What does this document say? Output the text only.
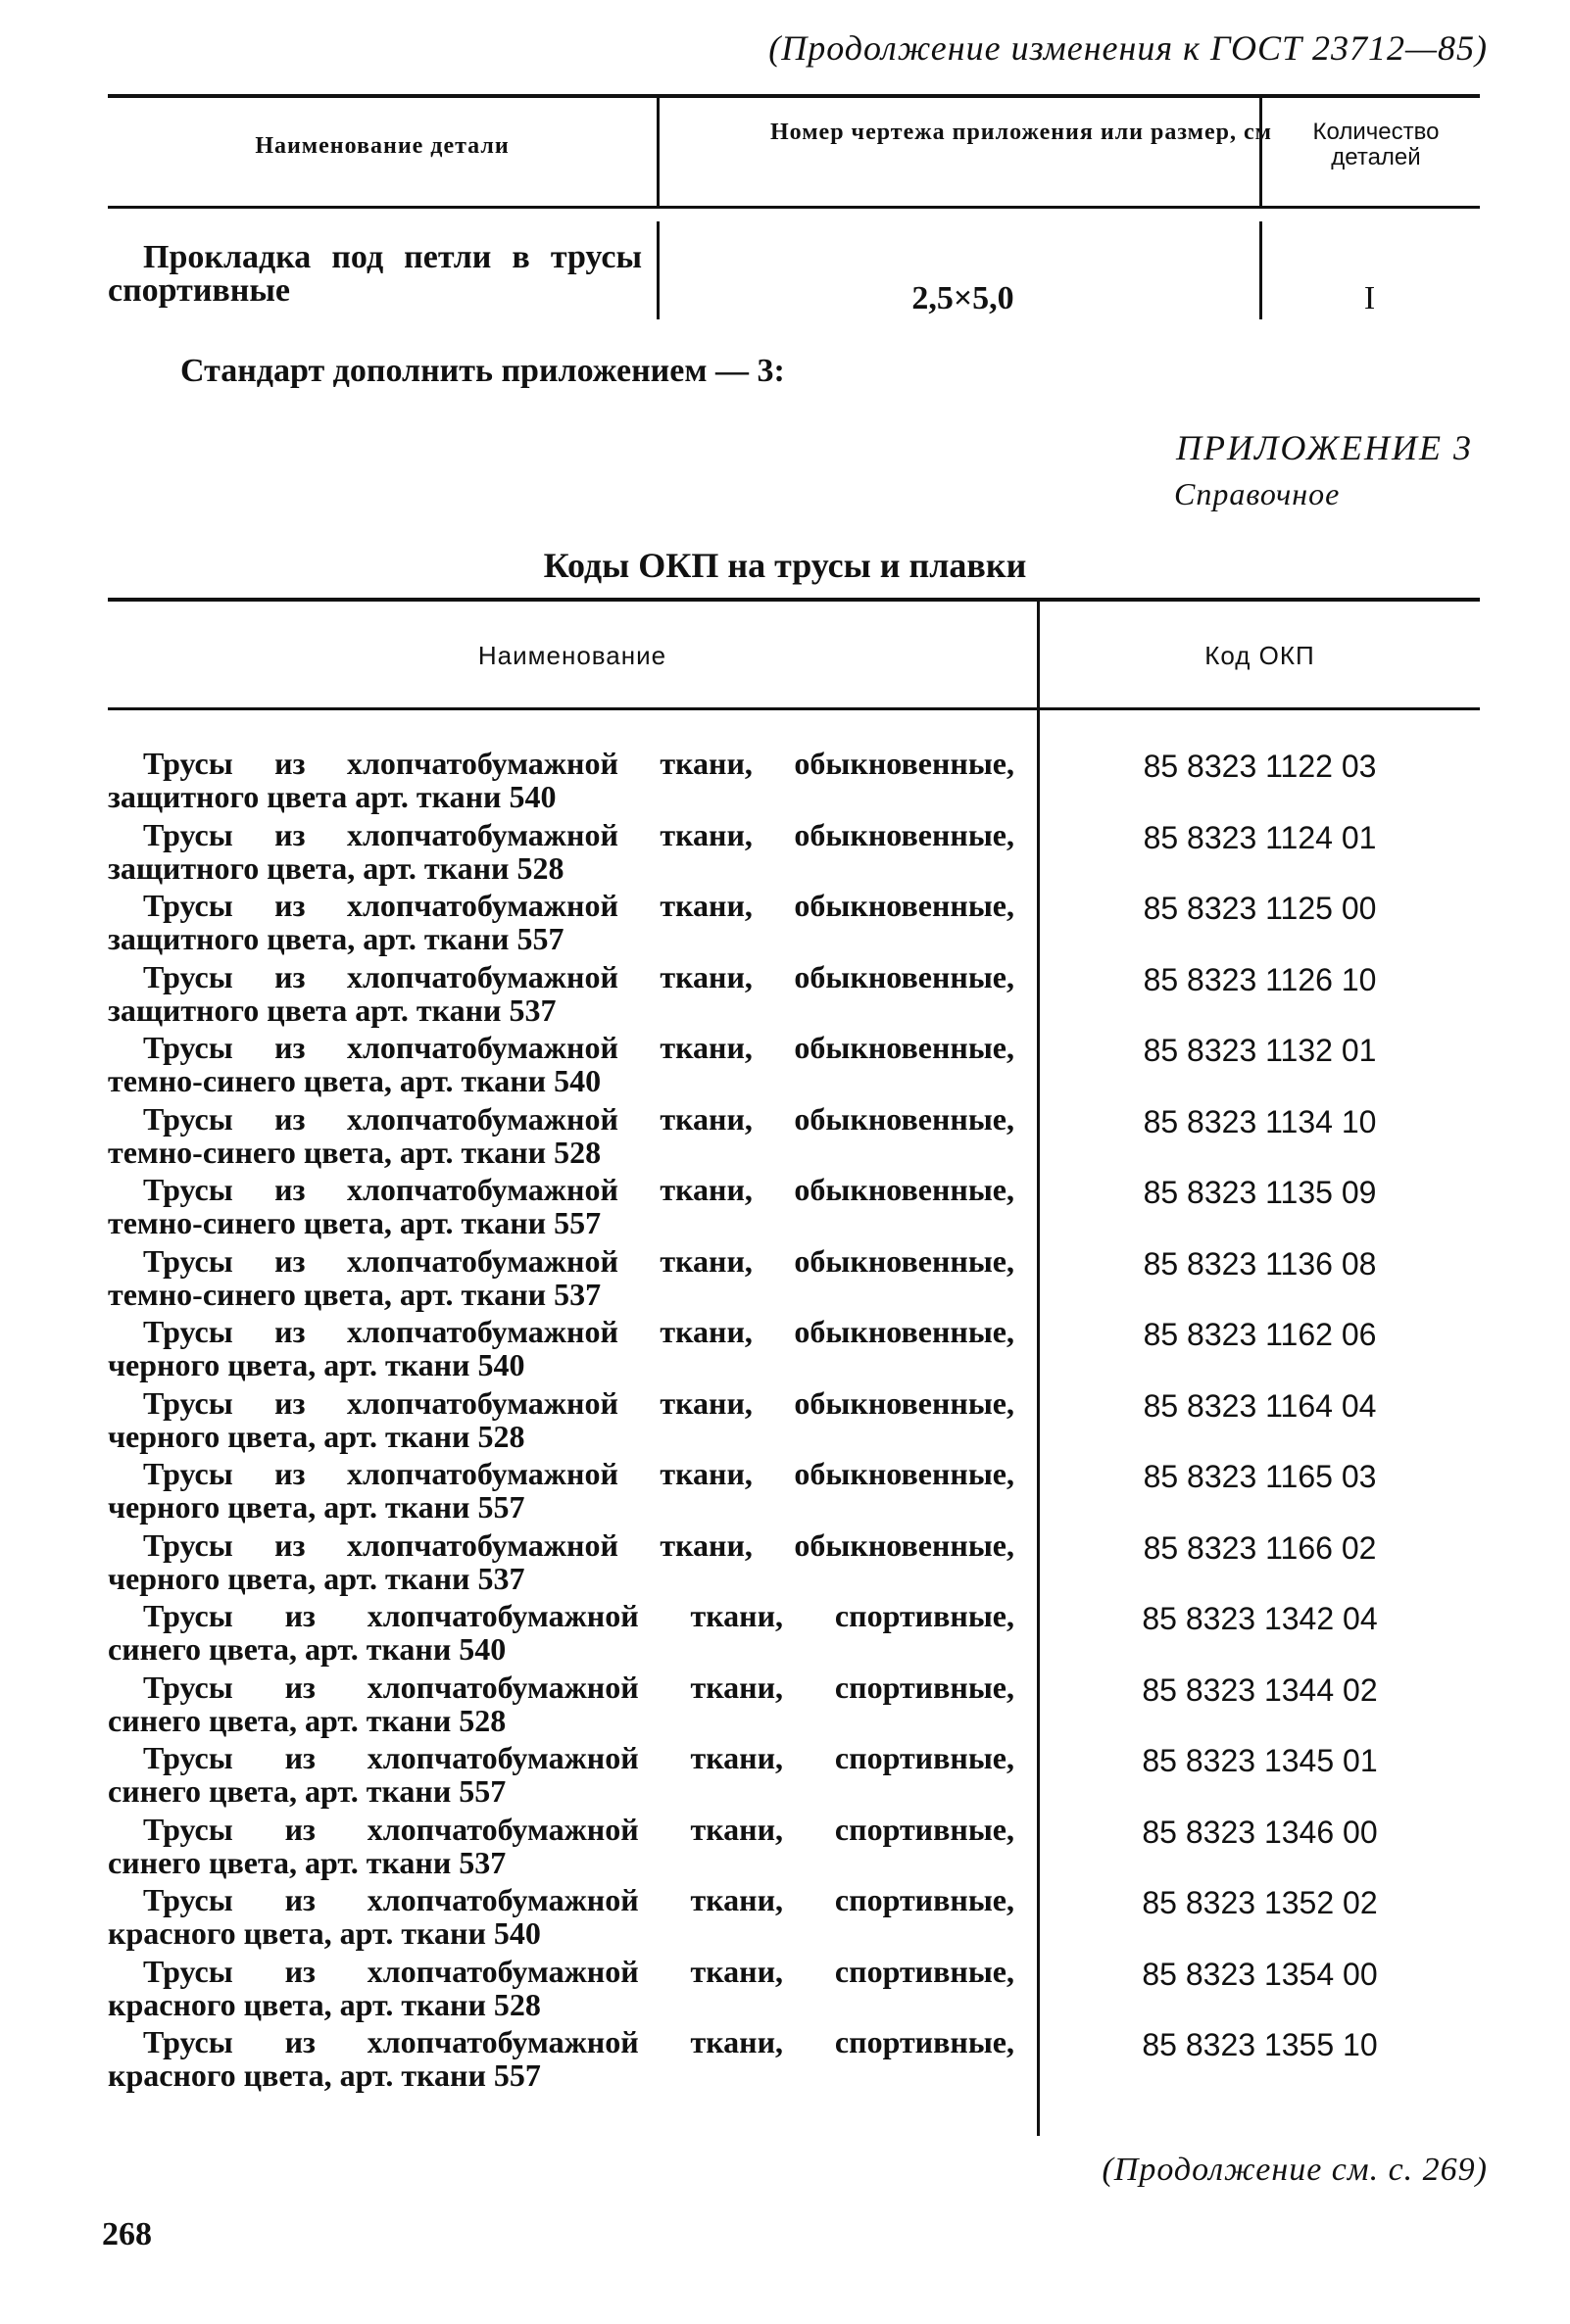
(Продолжение изменения к ГОСТ 23712—85)
Наименование детали
Номер чертежа приложения или размер, см	Количество деталей
Прокладка под петли в трусы спортивные	2,5×5,0	I
Стандарт дополнить приложением — 3:
ПРИЛОЖЕНИЕ 3
Справочное
Коды ОКП на трусы и плавки
Наименование	Код ОКП
Трусы из хлопчатобумажной ткани, обыкновенные,
защитного цвета арт. ткани 540
85 8323 1122 03
Трусы из хлопчатобумажной ткани, обыкновенные,
защитного цвета, арт. ткани 528
85 8323 1124 01
Трусы из хлопчатобумажной ткани, обыкновенные,
защитного цвета, арт. ткани 557
85 8323 1125 00
Трусы из хлопчатобумажной ткани, обыкновенные,
защитного цвета арт. ткани 537
85 8323 1126 10
Трусы из хлопчатобумажной ткани, обыкновенные,
темно-синего цвета, арт. ткани 540
85 8323 1132 01
Трусы из хлопчатобумажной ткани, обыкновенные,
темно-синего цвета, арт. ткани 528
85 8323 1134 10
Трусы из хлопчатобумажной ткани, обыкновенные,
темно-синего цвета, арт. ткани 557
85 8323 1135 09
Трусы из хлопчатобумажной ткани, обыкновенные,
темно-синего цвета, арт. ткани 537
85 8323 1136 08
Трусы из хлопчатобумажной ткани, обыкновенные,
черного цвета, арт. ткани 540
85 8323 1162 06
Трусы из хлопчатобумажной ткани, обыкновенные,
черного цвета, арт. ткани 528
85 8323 1164 04
Трусы из хлопчатобумажной ткани, обыкновенные,
черного цвета, арт. ткани 557
85 8323 1165 03
Трусы из хлопчатобумажной ткани, обыкновенные,
черного цвета, арт. ткани 537
85 8323 1166 02
Трусы из хлопчатобумажной ткани, спортивные,
синего цвета, арт. ткани 540
85 8323 1342 04
Трусы из хлопчатобумажной ткани, спортивные,
синего цвета, арт. ткани 528
85 8323 1344 02
Трусы из хлопчатобумажной ткани, спортивные,
синего цвета, арт. ткани 557
85 8323 1345 01
Трусы из хлопчатобумажной ткани, спортивные,
синего цвета, арт. ткани 537
85 8323 1346 00
Трусы из хлопчатобумажной ткани, спортивные,
красного цвета, арт. ткани 540
85 8323 1352 02
Трусы из хлопчатобумажной ткани, спортивные,
красного цвета, арт. ткани 528
85 8323 1354 00
Трусы из хлопчатобумажной ткани, спортивные,
красного цвета, арт. ткани 557
85 8323 1355 10
(Продолжение см. с. 269)
268
